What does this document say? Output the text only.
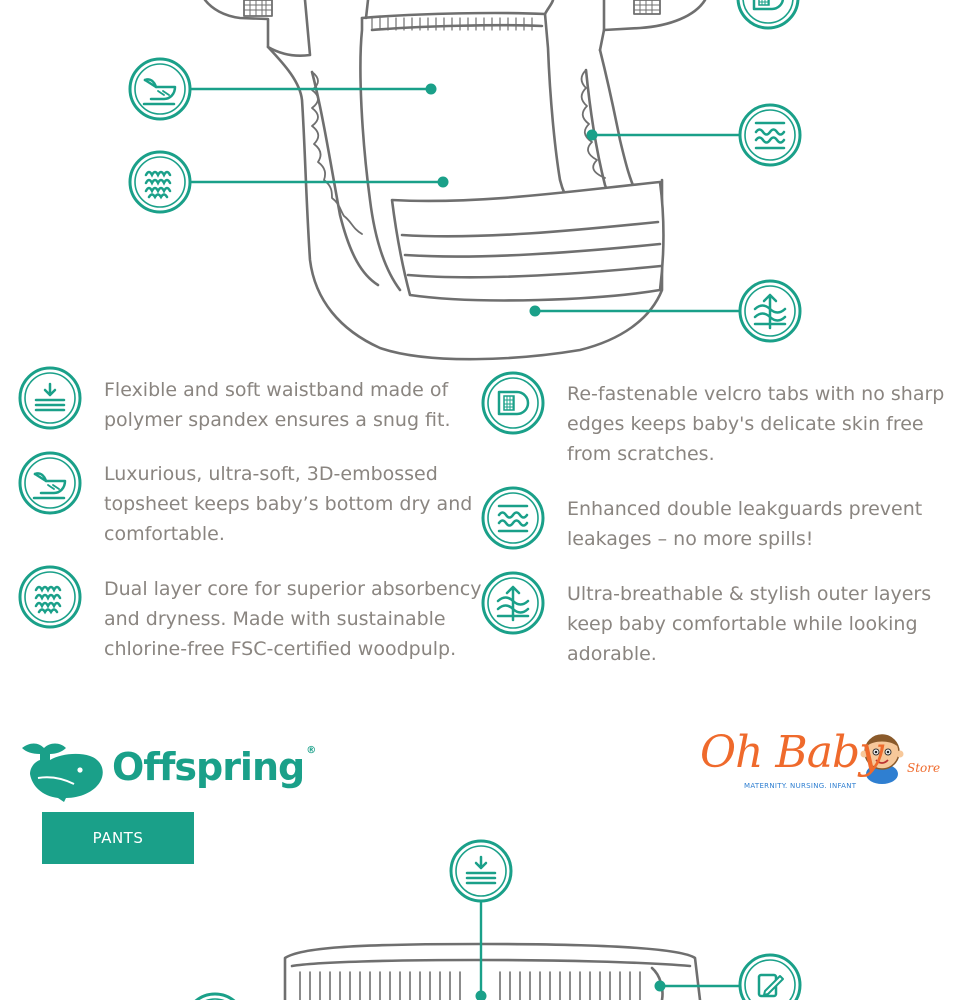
Flexible and soft waistband made of
polymer spandex ensures a snug fit.
Luxurious, ultra-soft, 3D-embossed
topsheet keeps baby’s bottom dry and
comfortable.
Dual layer core for superior absorbency
and dryness. Made with sustainable
chlorine-free FSC-certified woodpulp.
Re-fastenable velcro tabs with no sharp
edges keeps baby's delicate skin free
from scratches.
Enhanced double leakguards prevent
leakages – no more spills!
Ultra-breathable & stylish outer layers
keep baby comfortable while looking
adorable.
Offspring ®
PANTS
Oh Baby Store
MATERNITY. NURSING. INFANT
